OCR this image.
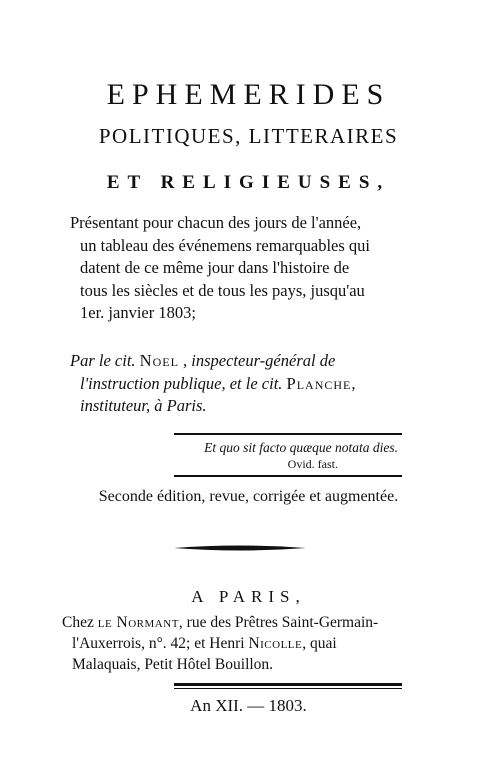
EPHEMERIDES
POLITIQUES, LITTERAIRES
ET RELIGIEUSES,
Présentant pour chacun des jours de l'année,
un tableau des événemens remarquables qui
datent de ce même jour dans l'histoire de
tous les siècles et de tous les pays, jusqu'au
1er. janvier 1803;
Par le cit. Noel , inspecteur-général de
l'instruction publique, et le cit. Planche,
instituteur, à Paris.
Et quo sit facto quæque notata dies.
Ovid. fast.
Seconde édition, revue, corrigée et augmentée.
A PARIS,
Chez le Normant, rue des Prêtres Saint-Germain-
l'Auxerrois, n°. 42; et Henri Nicolle, quai
Malaquais, Petit Hôtel Bouillon.
An XII. — 1803.
